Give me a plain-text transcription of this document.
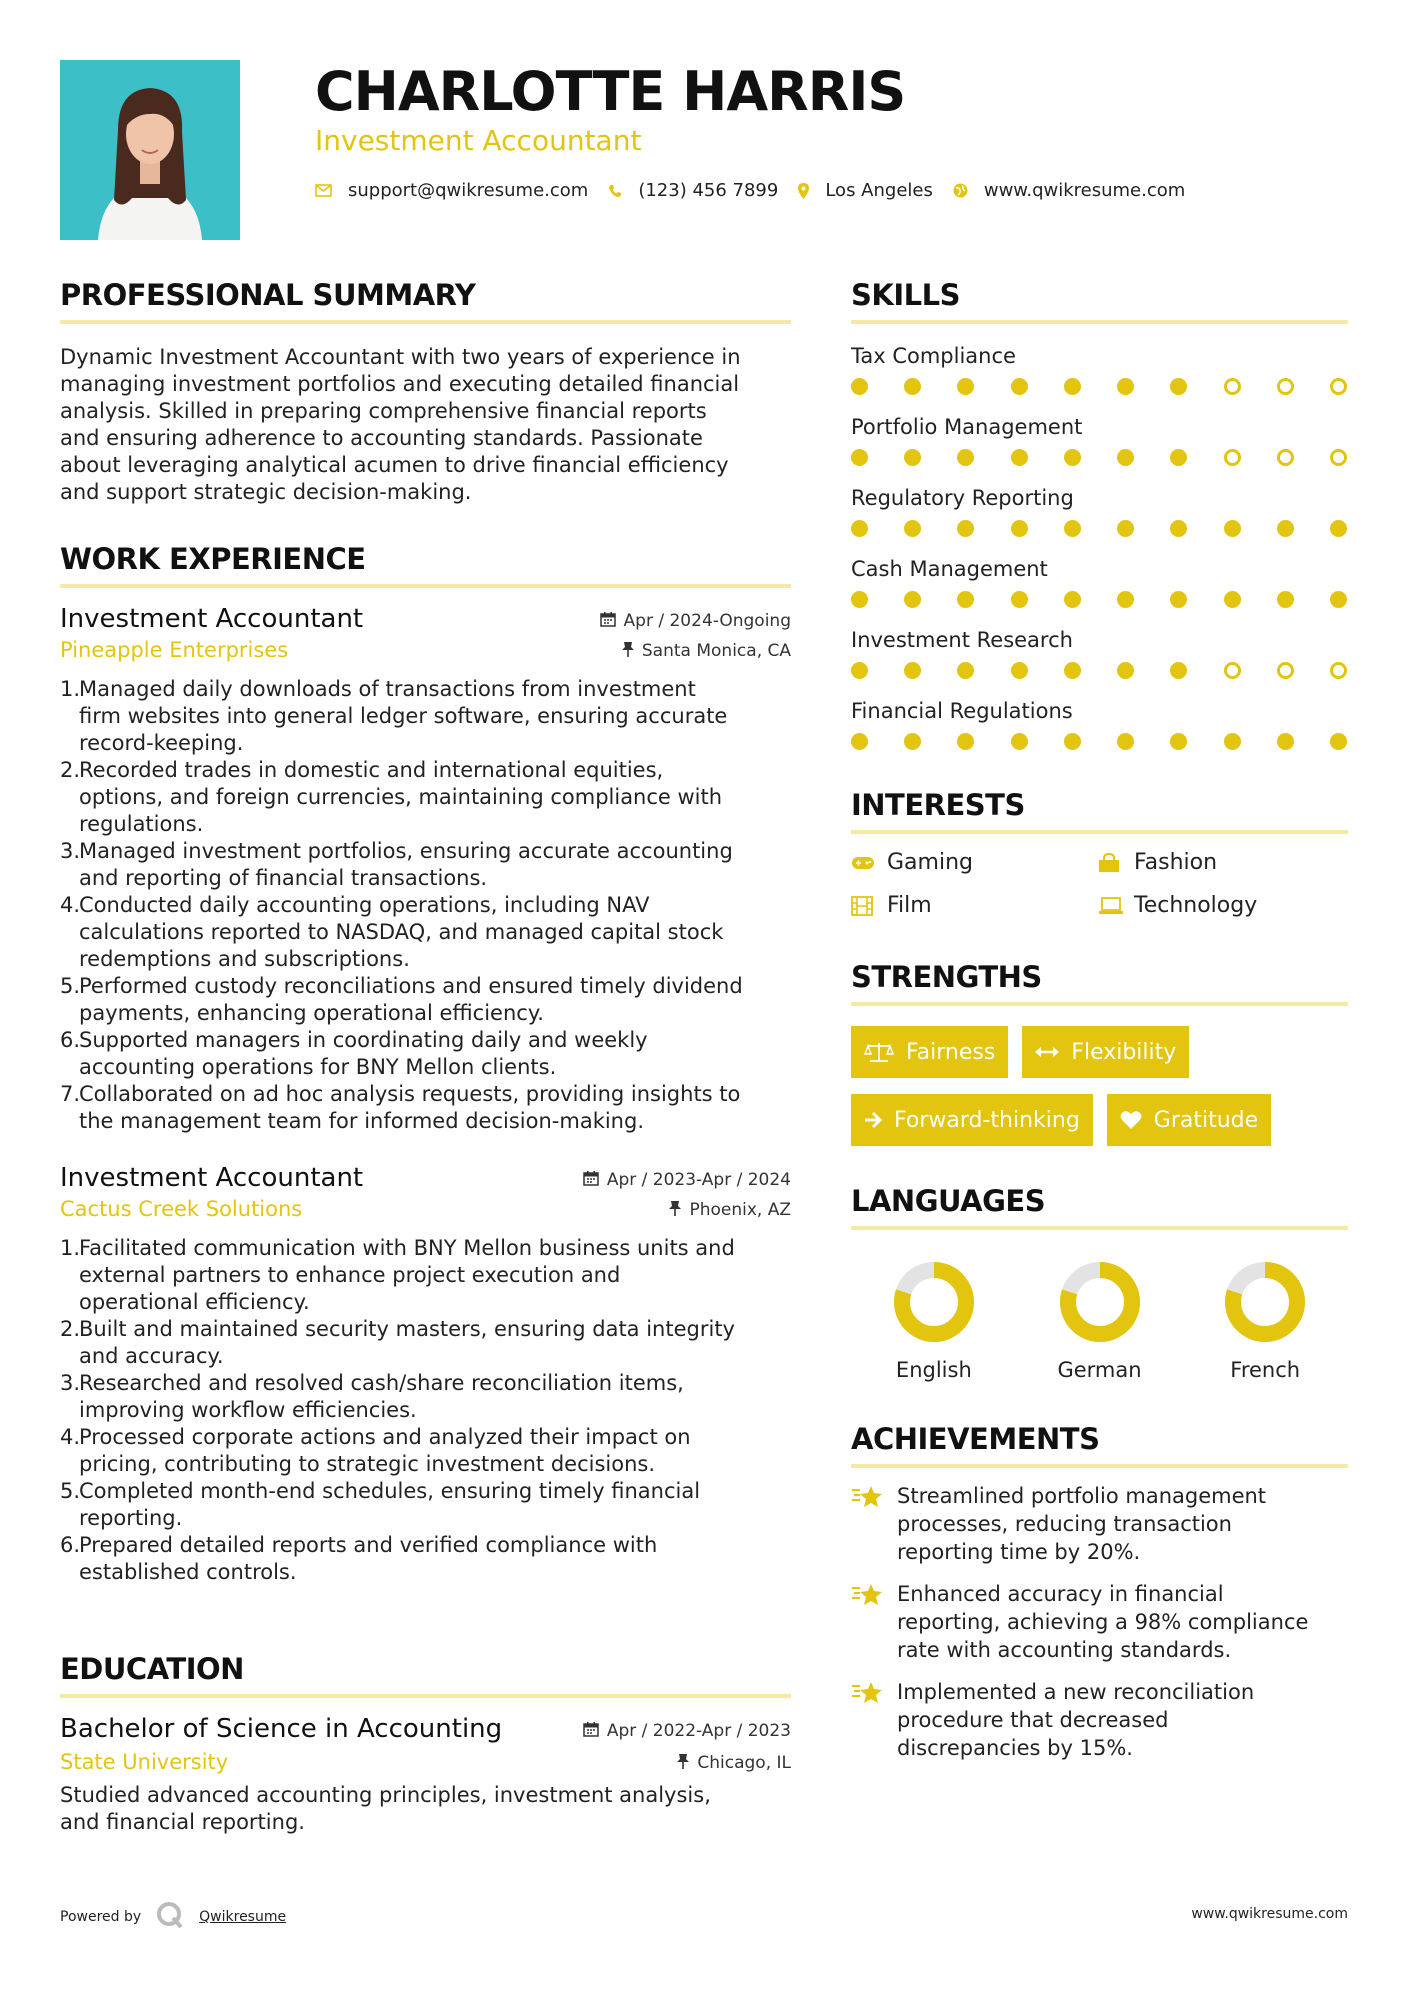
CHARLOTTE HARRIS
Investment Accountant
support@qwikresume.com	(123) 456 7899	Los Angeles	www.qwikresume.com
PROFESSIONAL SUMMARY
Dynamic Investment Accountant with two years of experience in
managing investment portfolios and executing detailed financial
analysis. Skilled in preparing comprehensive financial reports
and ensuring adherence to accounting standards. Passionate
about leveraging analytical acumen to drive financial efficiency
and support strategic decision-making.
WORK EXPERIENCE
Investment Accountant	Apr / 2024-Ongoing
Pineapple Enterprises	Santa Monica, CA
1.
Managed daily downloads of transactions from investment
firm websites into general ledger software, ensuring accurate
record-keeping.
2.
Recorded trades in domestic and international equities,
options, and foreign currencies, maintaining compliance with
regulations.
3.
Managed investment portfolios, ensuring accurate accounting
and reporting of financial transactions.
4.
Conducted daily accounting operations, including NAV
calculations reported to NASDAQ, and managed capital stock
redemptions and subscriptions.
5.
Performed custody reconciliations and ensured timely dividend
payments, enhancing operational efficiency.
6.
Supported managers in coordinating daily and weekly
accounting operations for BNY Mellon clients.
7.
Collaborated on ad hoc analysis requests, providing insights to
the management team for informed decision-making.
Investment Accountant	Apr / 2023-Apr / 2024
Cactus Creek Solutions	Phoenix, AZ
1.
Facilitated communication with BNY Mellon business units and
external partners to enhance project execution and
operational efficiency.
2.
Built and maintained security masters, ensuring data integrity
and accuracy.
3.
Researched and resolved cash/share reconciliation items,
improving workflow efficiencies.
4.
Processed corporate actions and analyzed their impact on
pricing, contributing to strategic investment decisions.
5.
Completed month-end schedules, ensuring timely financial
reporting.
6.
Prepared detailed reports and verified compliance with
established controls.
EDUCATION
Bachelor of Science in Accounting	Apr / 2022-Apr / 2023
State University	Chicago, IL
Studied advanced accounting principles, investment analysis,
and financial reporting.
SKILLS
Tax Compliance
Portfolio Management
Regulatory Reporting
Cash Management
Investment Research
Financial Regulations
INTERESTS
Gaming	Fashion
Film	Technology
STRENGTHS
Fairness	Flexibility
Forward-thinking	Gratitude
LANGUAGES
English	German	French
ACHIEVEMENTS
Streamlined portfolio management
processes, reducing transaction
reporting time by 20%.
Enhanced accuracy in financial
reporting, achieving a 98% compliance
rate with accounting standards.
Implemented a new reconciliation
procedure that decreased
discrepancies by 15%.
Powered by	Qwikresume	www.qwikresume.com
